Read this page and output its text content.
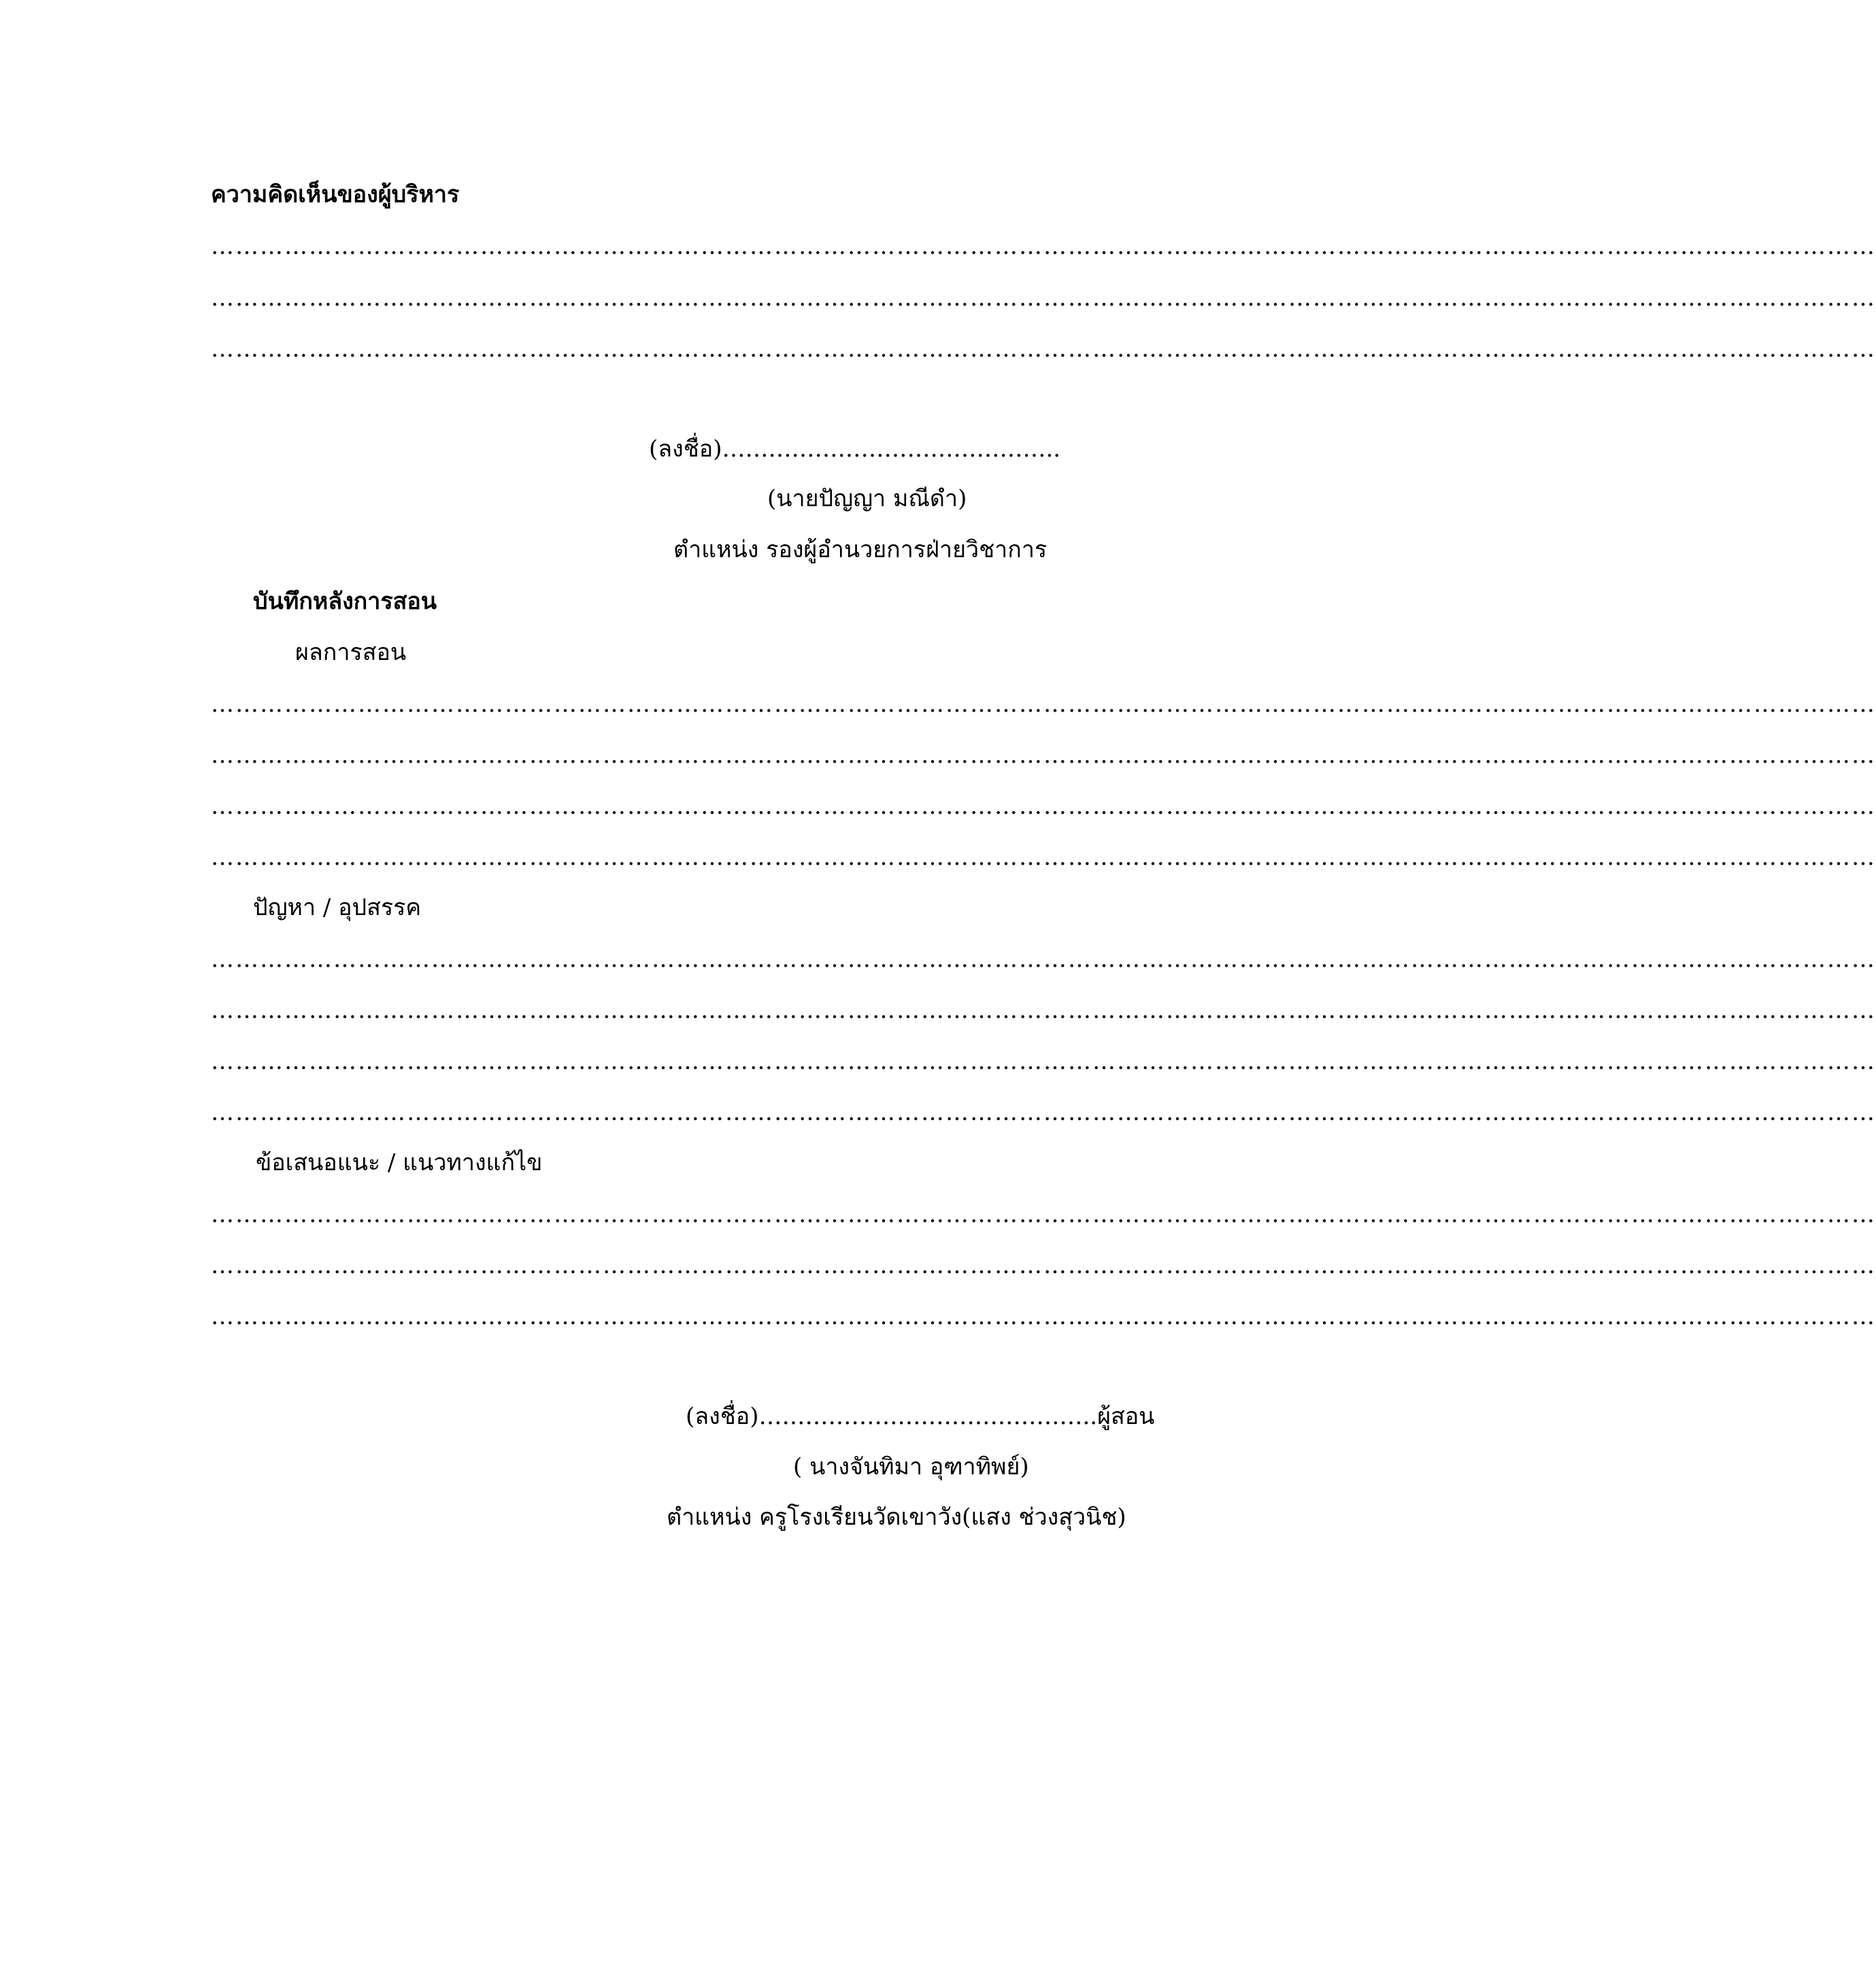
ความคิดเห็นของผู้บริหาร
……………………………………………………………………………………………………………………………………………………………………………………
……………………………………………………………………………………………………………………………………………………………………………………
……………………………………………………………………………………………………………………………………………………………………………………
(ลงชื่อ)……………………………………..
(นายปัญญา มณีดำ)
ตำแหน่ง รองผู้อำนวยการฝ่ายวิชาการ
บันทึกหลังการสอน
ผลการสอน
……………………………………………………………………………………………………………………………………………………………………………………
……………………………………………………………………………………………………………………………………………………………………………………
……………………………………………………………………………………………………………………………………………………………………………………
……………………………………………………………………………………………………………………………………………………………………………………
ปัญหา / อุปสรรค
……………………………………………………………………………………………………………………………………………………………………………………
……………………………………………………………………………………………………………………………………………………………………………………
……………………………………………………………………………………………………………………………………………………………………………………
……………………………………………………………………………………………………………………………………………………………………………………
ข้อเสนอแนะ / แนวทางแก้ไข
……………………………………………………………………………………………………………………………………………………………………………………
……………………………………………………………………………………………………………………………………………………………………………………
……………………………………………………………………………………………………………………………………………………………………………………
(ลงชื่อ)……………………………………..ผู้สอน
( นางจันทิมา อุฑาทิพย์)
ตำแหน่ง ครูโรงเรียนวัดเขาวัง(แสง ช่วงสุวนิช)
